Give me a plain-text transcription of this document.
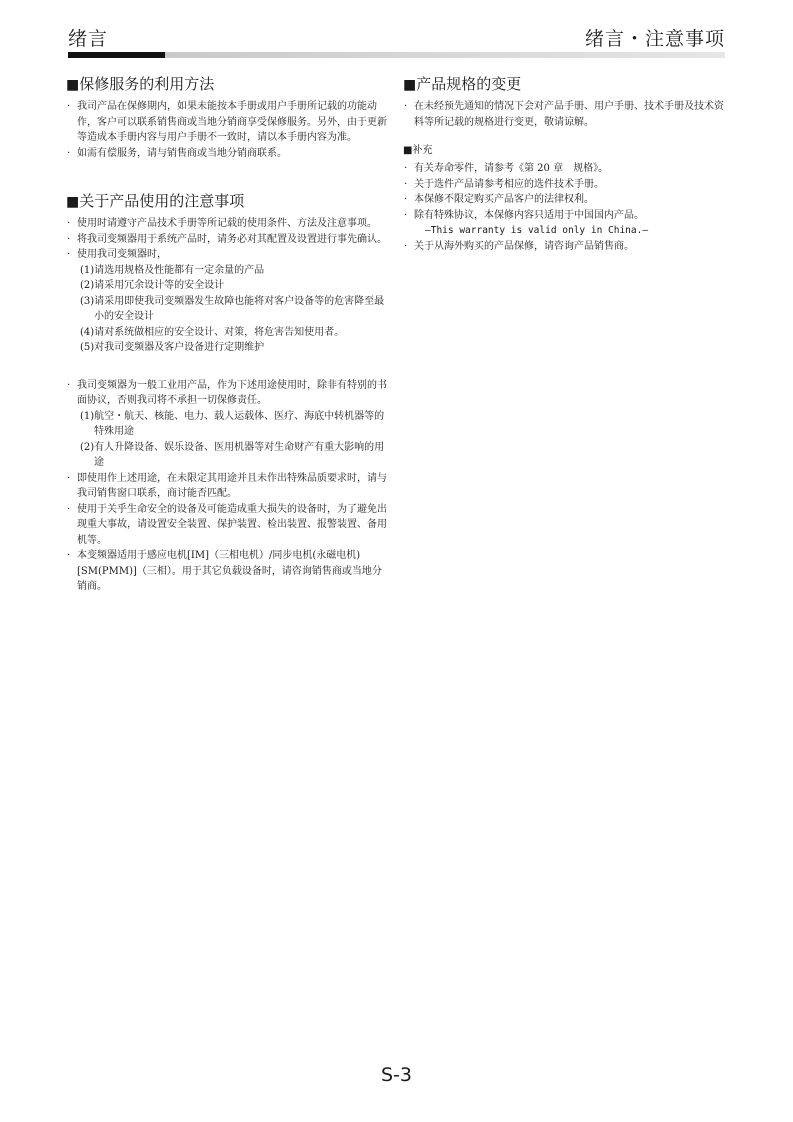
绪言	绪言・注意事项
■保修服务的利用方法
· 我司产品在保修期内，如果未能按本手册或用户手册所记载的功能动作，客户可以联系销售商或当地分销商享受保修服务。另外，由于更新等造成本手册内容与用户手册不一致时，请以本手册内容为准。
· 如需有偿服务，请与销售商或当地分销商联系。
■关于产品使用的注意事项
· 使用时请遵守产品技术手册等所记载的使用条件、方法及注意事项。
· 将我司变频器用于系统产品时，请务必对其配置及设置进行事先确认。
· 使用我司变频器时，
(1)请选用规格及性能都有一定余量的产品
(2)请采用冗余设计等的安全设计
(3)请采用即使我司变频器发生故障也能将对客户设备等的危害降至最小的安全设计
(4)请对系统做相应的安全设计、对策，将危害告知使用者。
(5)对我司变频器及客户设备进行定期维护
· 我司变频器为一般工业用产品，作为下述用途使用时，除非有特别的书面协议，否则我司将不承担一切保修责任。
(1)航空・航天、核能、电力、载人运载体、医疗、海底中转机器等的特殊用途
(2)有人升降设备、娱乐设备、医用机器等对生命财产有重大影响的用途
· 即使用作上述用途，在未限定其用途并且未作出特殊品质要求时，请与我司销售窗口联系，商讨能否匹配。
· 使用于关乎生命安全的设备及可能造成重大损失的设备时，为了避免出现重大事故，请设置安全装置、保护装置、检出装置、报警装置、备用机等。
· 本变频器适用于感应电机[IM]（三相电机）/同步电机(永磁电机)[SM(PMM)]（三相）。用于其它负载设备时，请咨询销售商或当地分销商。
■产品规格的变更
· 在未经预先通知的情况下会对产品手册、用户手册、技术手册及技术资料等所记载的规格进行变更，敬请谅解。
■补充
· 有关寿命零件，请参考《第 20 章　规格》。
· 关于选件产品请参考相应的选件技术手册。
· 本保修不限定购买产品客户的法律权利。
· 除有特殊协议，本保修内容只适用于中国国内产品。
—This warranty is valid only in China.—
· 关于从海外购买的产品保修，请咨询产品销售商。
S-3
